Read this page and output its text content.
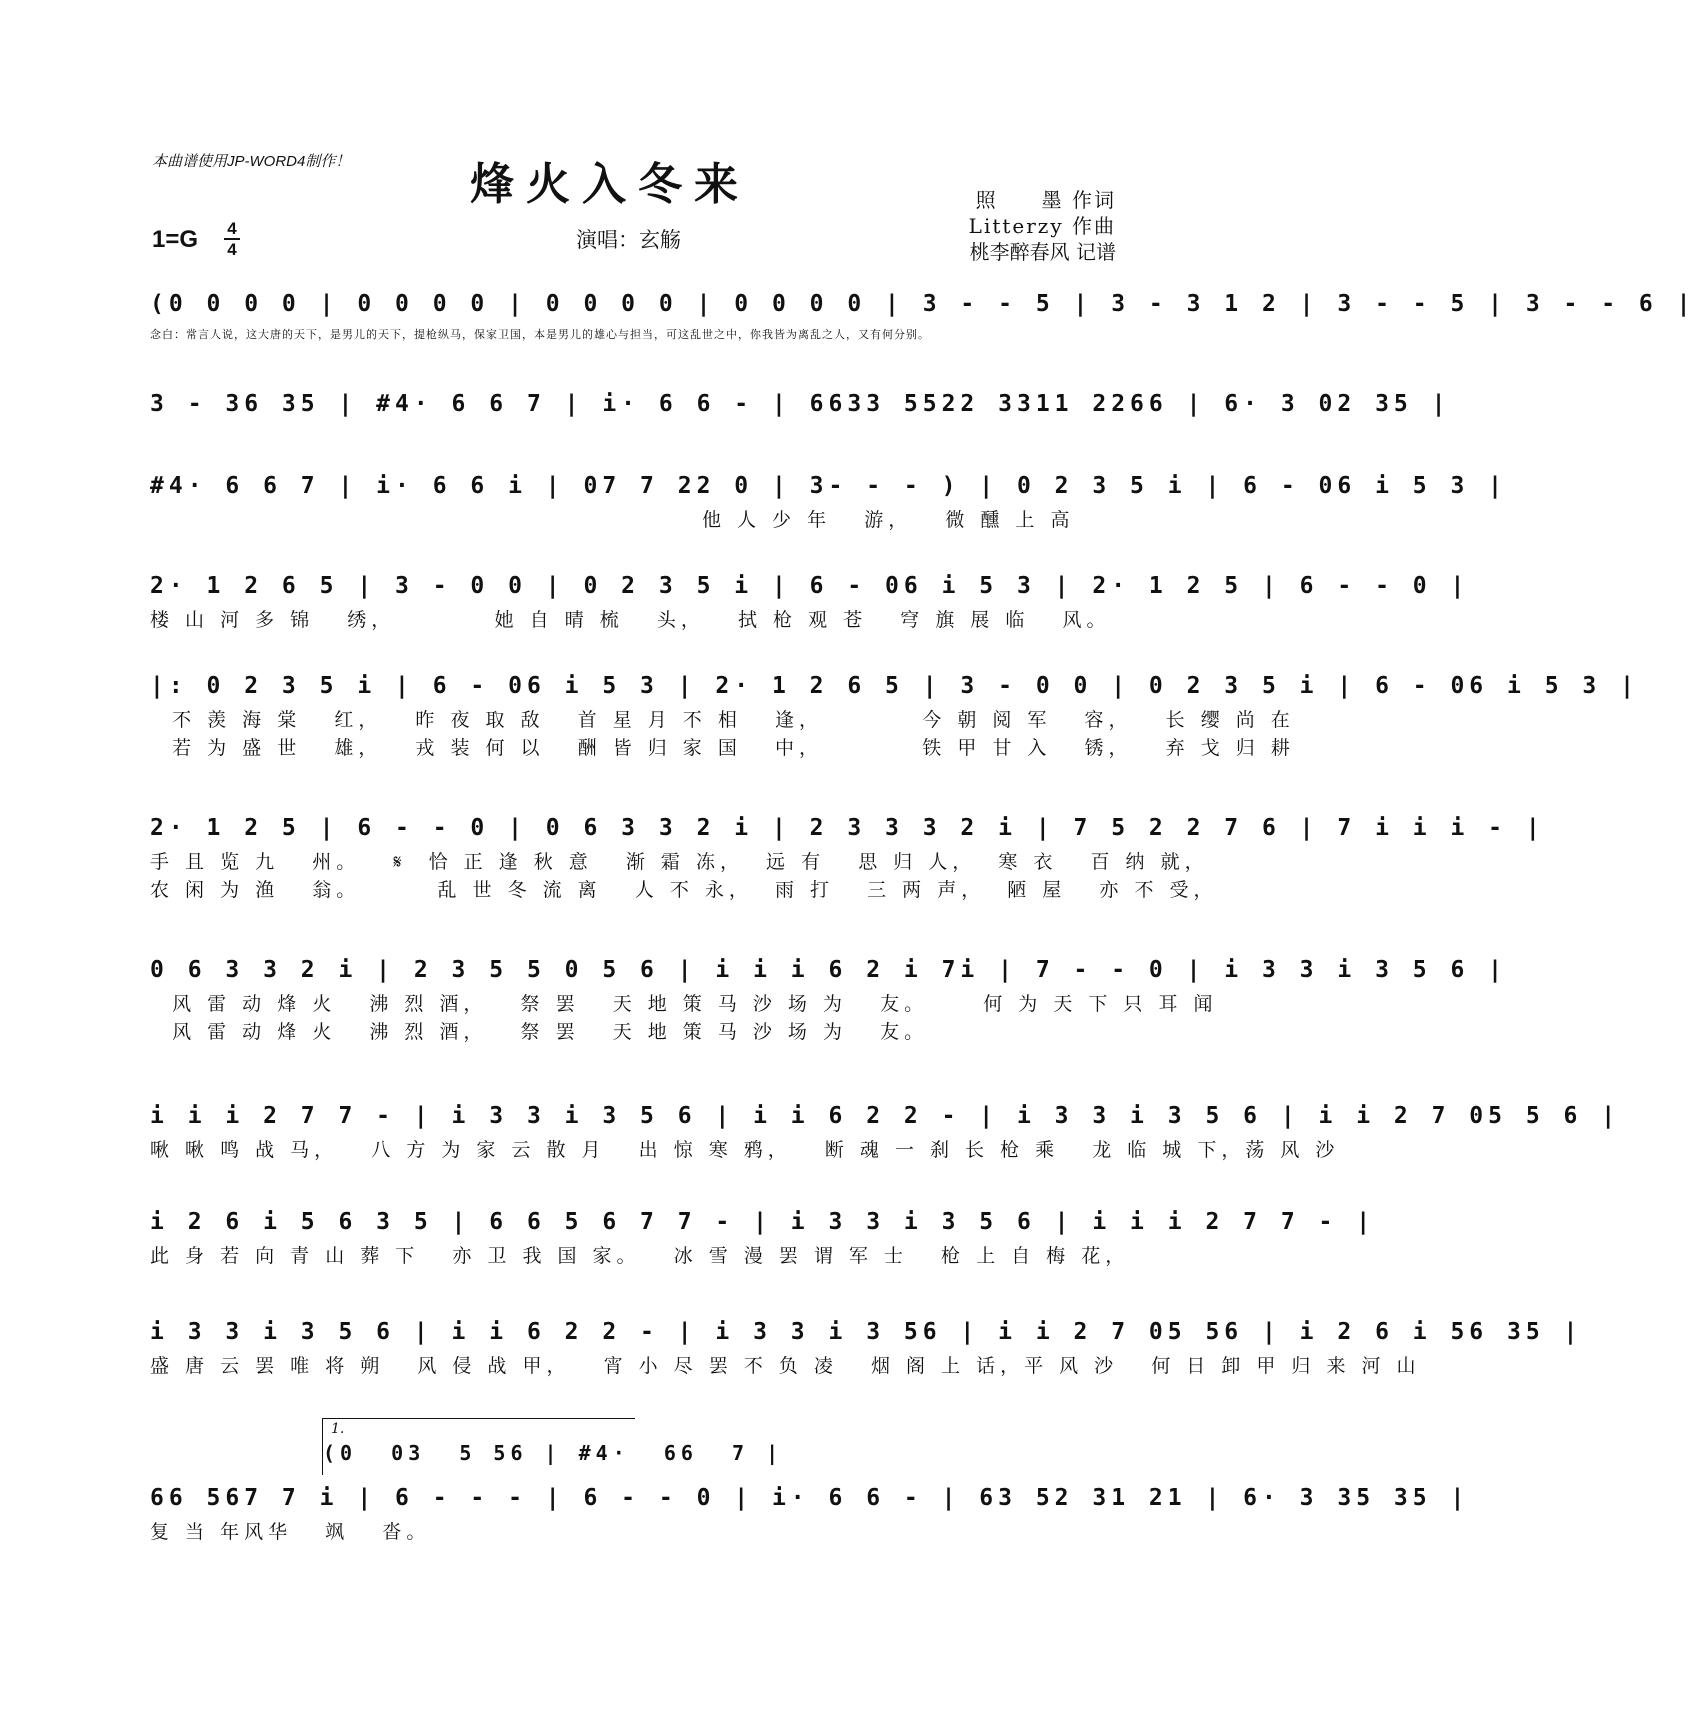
本曲谱使用JP-WORD4制作！	烽火入冬来
1=G	4
4	演唱：玄觞
照　　墨 作词
Litterzy 作曲
桃李醉春风 记谱
(0 0 0 0 | 0 0 0 0 | 0 0 0 0 | 0 0 0 0 | 3 - - 5 | 3 - 3 1 2 | 3 - - 5 | 3 - - 6 |
念白：常言人说，这大唐的天下，是男儿的天下，提枪纵马，保家卫国，本是男儿的雄心与担当，可这乱世之中，你我皆为离乱之人，又有何分别。
3 - 36 35 | #4· 6 6 7 | i· 6 6 - | 6633 5522 3311 2266 | 6· 3 02 35 |
#4· 6 6 7 | i· 6 6 i | 07 7 22 0 | 3- - - ) | 0 2 3 5 i | 6 - 06 i 5 3 |
他 人 少 年   游，   微 醺 上 高
2· 1 2 6 5 | 3 - 0 0 | 0 2 3 5 i | 6 - 06 i 5 3 | 2· 1 2 5 | 6 - - 0 |
楼 山 河 多 锦   绣，         她 自 晴 梳   头，   拭 枪 观 苍   穹 旗 展 临   风。
|: 0 2 3 5 i | 6 - 06 i 5 3 | 2· 1 2 6 5 | 3 - 0 0 | 0 2 3 5 i | 6 - 06 i 5 3 |
不 羡 海 棠   红，   昨 夜 取 敌   首 星 月 不 相   逢，         今 朝 阅 军   容，   长 缨 尚 在
若 为 盛 世   雄，   戎 装 何 以   酬 皆 归 家 国   中，         铁 甲 甘 入   锈，   弃 戈 归 耕
2· 1 2 5 | 6 - - 0 | 0 6 3 3 2 i | 2 3 3 3 2 i | 7 5 2 2 7 6 | 7 i i i - |
手 且 览 九   州。   𝄋  恰 正 逢 秋 意   渐 霜 冻，  远 有   思 归 人，  寒 衣   百 纳 就，
农 闲 为 渔   翁。       乱 世 冬 流 离   人 不 永，  雨 打   三 两 声，  陋 屋   亦 不 受，
0 6 3 3 2 i | 2 3 5 5 0 5 6 | i i i 6 2 i 7i | 7 - - 0 | i 3 3 i 3 5 6 |
风 雷 动 烽 火   沸 烈 酒，   祭 罢   天 地 策 马 沙 场 为   友。     何 为 天 下 只 耳 闻
风 雷 动 烽 火   沸 烈 酒，   祭 罢   天 地 策 马 沙 场 为   友。
i i i 2 7 7 - | i 3 3 i 3 5 6 | i i 6 2 2 - | i 3 3 i 3 5 6 | i i 2 7 05 5 6 |
啾 啾 鸣 战 马，   八 方 为 家 云 散 月   出 惊 寒 鸦，   断 魂 一 刹 长 枪 乘   龙 临 城 下，荡 风 沙
i 2 6 i 5 6 3 5 | 6 6 5 6 7 7 - | i 3 3 i 3 5 6 | i i i 2 7 7 - |
此 身 若 向 青 山 葬 下   亦 卫 我 国 家。   冰 雪 漫 罢 谓 军 士   枪 上 自 梅 花，
i 3 3 i 3 5 6 | i i 6 2 2 - | i 3 3 i 3 56 | i i 2 7 05 56 | i 2 6 i 56 35 |
盛 唐 云 罢 唯 将 朔   风 侵 战 甲，   宵 小 尽 罢 不 负 凌   烟 阁 上 话，平 风 沙   何 日 卸 甲 归 来 河 山
1.
(0  03  5 56 | #4·  66  7 |
66 567 7 i | 6 - - - | 6 - - 0 | i· 6 6 - | 63 52 31 21 | 6· 3 35 35 |
复 当 年风华   飒   沓。
